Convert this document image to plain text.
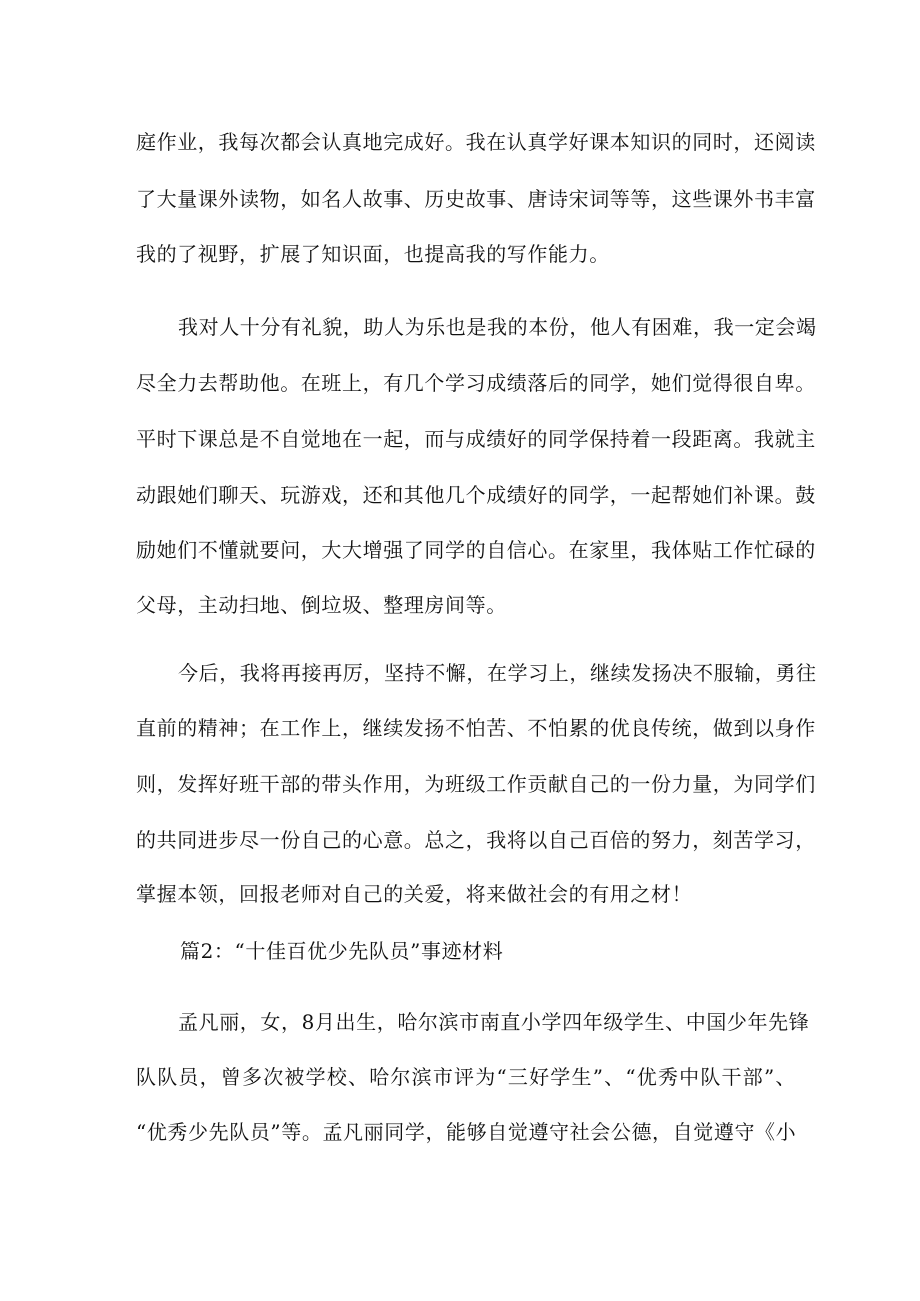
庭作业，我每次都会认真地完成好。我在认真学好课本知识的同时，还阅读
了大量课外读物，如名人故事、历史故事、唐诗宋词等等，这些课外书丰富
我的了视野，扩展了知识面，也提高我的写作能力。
我对人十分有礼貌，助人为乐也是我的本份，他人有困难，我一定会竭
尽全力去帮助他。在班上，有几个学习成绩落后的同学，她们觉得很自卑。
平时下课总是不自觉地在一起，而与成绩好的同学保持着一段距离。我就主
动跟她们聊天、玩游戏，还和其他几个成绩好的同学，一起帮她们补课。鼓
励她们不懂就要问，大大增强了同学的自信心。在家里，我体贴工作忙碌的
父母，主动扫地、倒垃圾、整理房间等。
今后，我将再接再厉，坚持不懈，在学习上，继续发扬决不服输，勇往
直前的精神；在工作上，继续发扬不怕苦、不怕累的优良传统，做到以身作
则，发挥好班干部的带头作用，为班级工作贡献自己的一份力量，为同学们
的共同进步尽一份自己的心意。总之，我将以自己百倍的努力，刻苦学习，
掌握本领，回报老师对自己的关爱，将来做社会的有用之材！
篇2：“十佳百优少先队员”事迹材料
孟凡丽，女，8月出生，哈尔滨市南直小学四年级学生、中国少年先锋
队队员，曾多次被学校、哈尔滨市评为“三好学生”、“优秀中队干部”、
“优秀少先队员”等。孟凡丽同学，能够自觉遵守社会公德，自觉遵守《小
